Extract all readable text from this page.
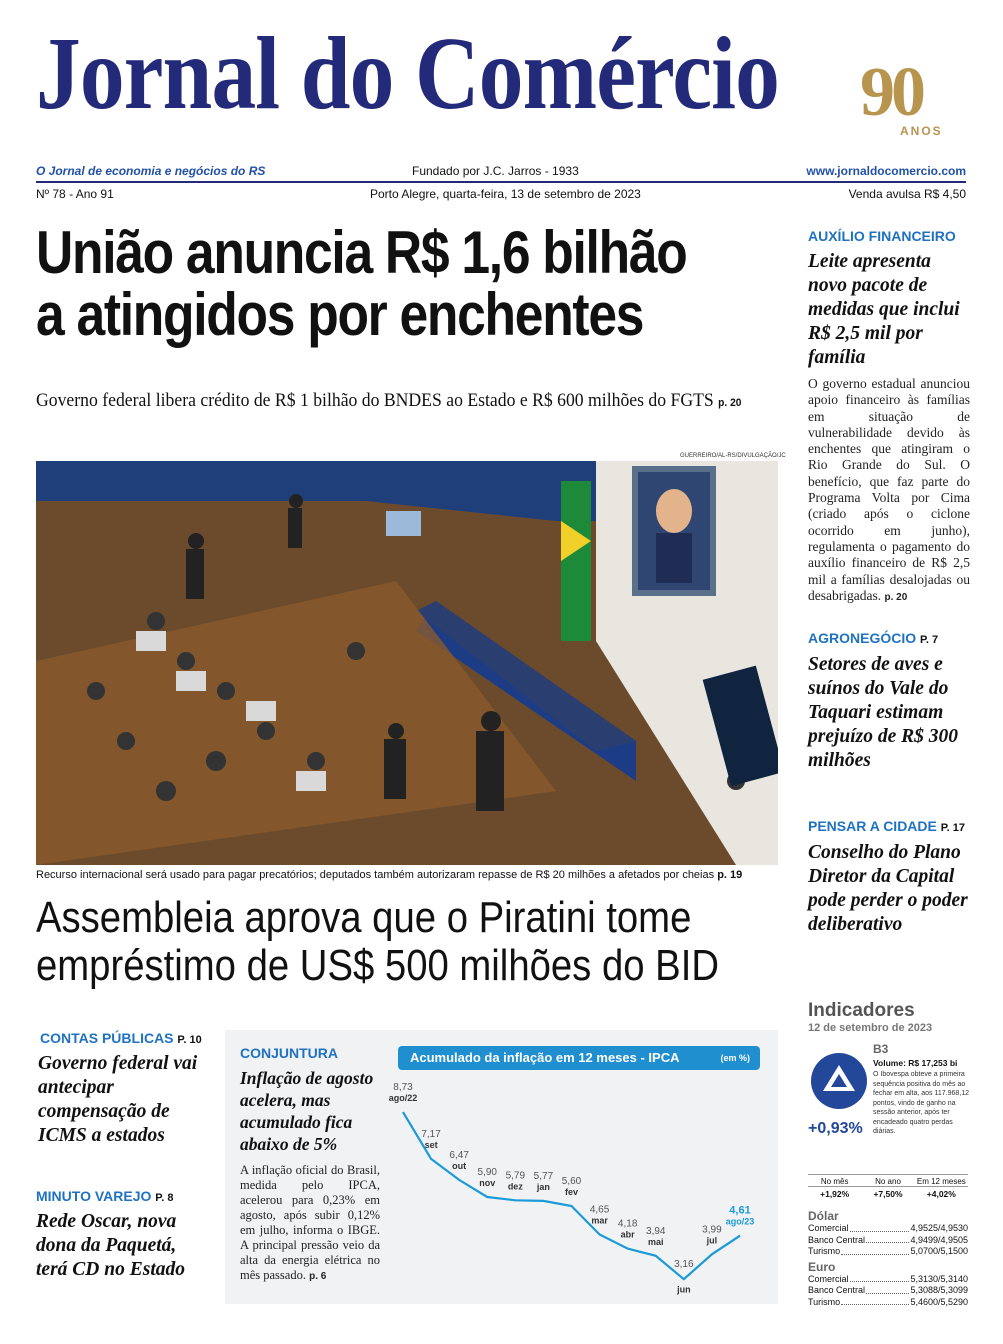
Jornal do Comércio 90
ANOS
O Jornal de economia e negócios do RS	Fundado por J.C. Jarros - 1933	www.jornaldocomercio.com
Nº 78 - Ano 91	Porto Alegre, quarta-feira, 13 de setembro de 2023	Venda avulsa R$ 4,50
União anuncia R$ 1,6 bilhão
a atingidos por enchentes
Governo federal libera crédito de R$ 1 bilhão do BNDES ao Estado e R$ 600 milhões do FGTS p. 20
GUERREIRO/AL-RS/DIVULGAÇÃO/JC
Recurso internacional será usado para pagar precatórios; deputados também autorizaram repasse de R$ 20 milhões a afetados por cheias p. 19
Assembleia aprova que o Piratini tome
empréstimo de US$ 500 milhões do BID
AUXÍLIO FINANCEIRO
Leite apresenta novo pacote de medidas que inclui R$ 2,5 mil por família
O governo estadual anunciou apoio financeiro às famílias em situação de vulnerabilidade devido às enchentes que atingiram o Rio Grande do Sul. O benefício, que faz parte do Programa Volta por Cima (criado após o ciclone ocorrido em junho), regulamenta o pagamento do auxílio financeiro de R$ 2,5 mil a famílias desalojadas ou desabrigadas. p. 20
AGRONEGÓCIO P. 7
Setores de aves e suínos do Vale do Taquari estimam prejuízo de R$ 300 milhões
PENSAR A CIDADE P. 17
Conselho do Plano Diretor da Capital pode perder o poder deliberativo
CONTAS PÚBLICAS P. 10
Governo federal vai antecipar compensação de ICMS a estados
MINUTO VAREJO P. 8
Rede Oscar, nova dona da Paquetá, terá CD no Estado
CONJUNTURA
Inflação de agosto acelera, mas acumulado fica abaixo de 5%
A inflação oficial do Brasil, medida pelo IPCA, acelerou para 0,23% em agosto, após subir 0,12% em julho, informa o IBGE. A principal pressão veio da alta da energia elétrica no mês passado. p. 6
Acumulado da inflação em 12 meses - IPCA	(em %)
8,73
ago/22
7,17
set
6,47
out
5,90
nov
5,79
dez
5,77
jan 5,60
fev
4,65
mar 4,18
abr 3,94
mai
3,16
jun
3,99
jul
4,61
ago/23
Indicadores
12 de setembro de 2023
+0,93%
B3
Volume: R$ 17,253 bi
O Ibovespa obteve a primeira sequência positiva do mês ao fechar em alta, aos 117.968,12 pontos, vindo de ganho na sessão anterior, após ter encadeado quatro perdas diárias.
No mês	No ano	Em 12 meses
+1,92%	+7,50%	+4,02%
Dólar
Comercial	4,9525/4,9530
Banco Central	4,9499/4,9505
Turismo	5,0700/5,1500
Euro
Comercial	5,3130/5,3140
Banco Central	5,3088/5,3099
Turismo	5,4600/5,5290
